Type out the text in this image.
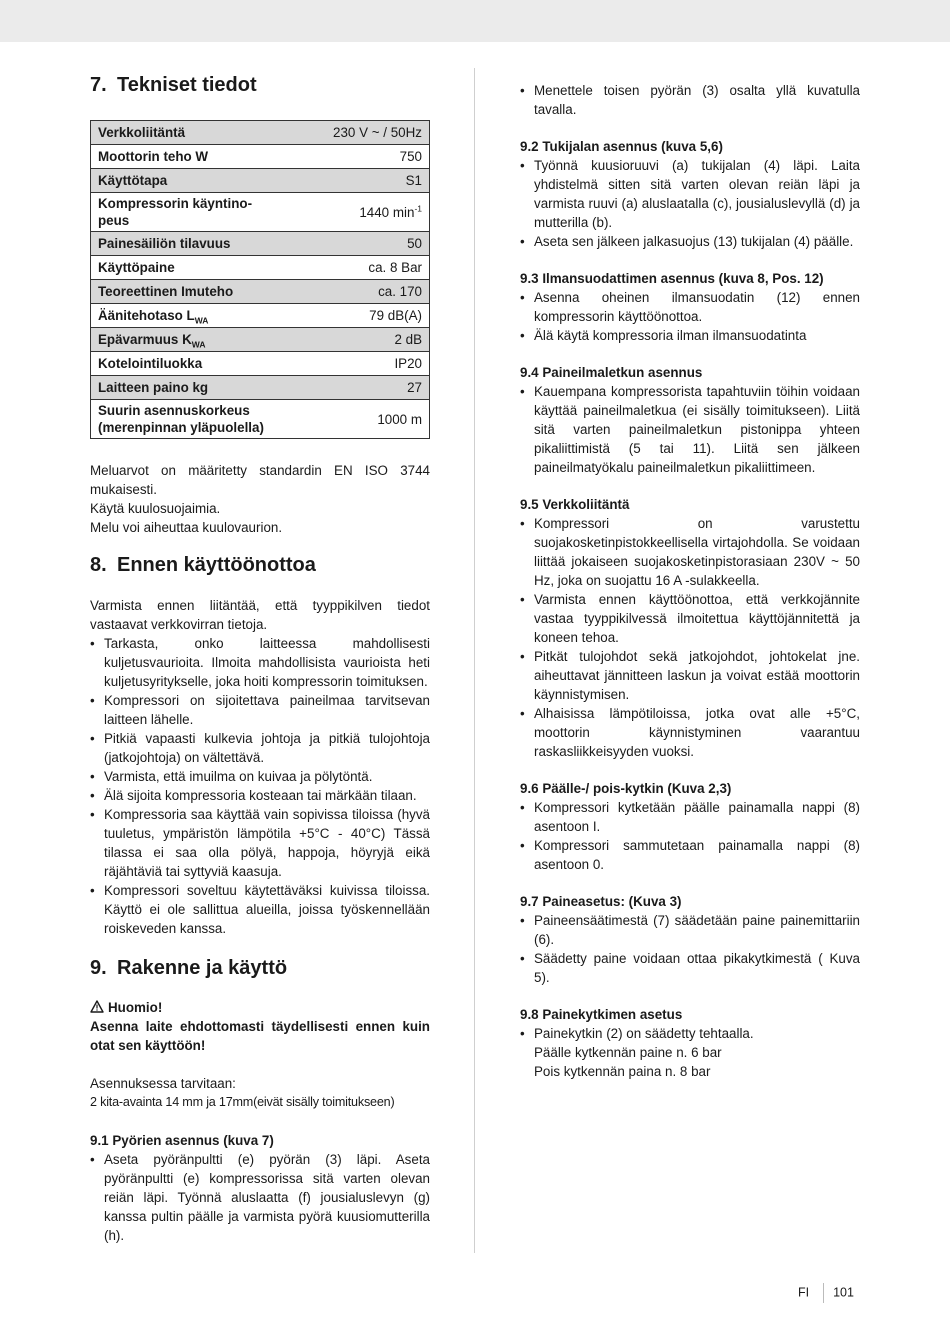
7. Tekniset tiedot
Verkkoliitäntä	230 V ~ / 50Hz
Moottorin teho W	750
Käyttötapa	S1
Kompressorin käyntinopeus	1440 $\min^{-1}$
Painesäiliön tilavuus	50
Käyttöpaine	ca. 8 Bar
Teoreettinen Imuteho	ca. 170
Äänitehotaso $L_{WA}$	79 dB(A)
Epävarmuus $K_{WA}$	2 dB
Kotelointiluokka	IP20
Laitteen paino kg	27
Suurin asennuskorkeus (merenpinnan yläpuolella)	1000 m

Meluarvot on määritetty standardin EN ISO 3744 mukaisesti.

Käytä kuulosuojaimia.

Melu voi aiheuttaa kuulovaurion.

8. Ennen käyttöönottoa

Varmista ennen liitäntää, että tyyppikilven tiedot vastaavat verkkovirran tietoja.

• Tarkasta, onko laitteessa mahdollisesti kuljetusvaurioita. Ilmoita mahdollisista vaurioista heti kuljetusyritykselle, joka hoiti kompressorin toimituksen.
• Kompressori on sijoitettava paineilmaa tarvitsevan laitteen lähelle.
• Pitkiä vapaasti kulkevia johtoja ja pitkiä tulojohtoja (jatkojohtoja) on vältettävä.
• Varmista, että imuilma on kuivaa ja pölytöntä.
• Älä sijoita kompressoria kosteaan tai märkään tilaan.
• Kompressoria saa käyttää vain sopivissa tiloissa (hyvä tuuletus, ympäristön lämpötila +5°C - 40°C) Tässä tilassa ei saa olla pölyä, happoja, höyryjä eikä räjähtäviä tai syttyviä kaasuja.
• Kompressori soveltuu käytettäväksi kuivissa tiloissa. Käyttö ei ole sallittua alueilla, joissa työskennellään roiskeveden kanssa.
9. Rakenne ja käyttö

Huomio!

Asenna laite ehdottomasti täydellisesti ennen kuin otat sen käyttöön!

Asennuksessa tarvitaan:

2 kita-avainta 14 mm ja 17mm(eivät sisälly toimitukseen)

9.1 Pyörien asennus (kuva 7)

• Aseta pyöränpultti (e) pyörän (3) läpi. Aseta pyöränpultti (e) kompressorissa sitä varten olevan reiän läpi. Työnnä aluslaatta (f) jousialuslevyn (g) kanssa pultin päälle ja varmista pyörä kuusiomutterilla (h).
• Menettele toisen pyörän (3) osalta yllä kuvatulla tavalla.

9.2 Tukijalan asennus (kuva 5,6)

• Työnnä kuusioruuvi (a) tukijalan (4) läpi. Laita yhdistelmä sitten sitä varten olevan reiän läpi ja varmista ruuvi (a) aluslaatalla (c), jousialuslevyllä (d) ja mutterilla (b).
• Aseta sen jälkeen jalkasuojus (13) tukijalan (4) päälle.

9.3 Ilmansuodattimen asennus (kuva 8, Pos. 12)

• Asenna oheinen ilmansuodatin (12) ennen kompressorin käyttöönottoa.
• Älä käytä kompressoria ilman ilmansuodatinta

9.4 Paineilmaletkun asennus

• Kauempana kompressorista tapahtuviin töihin voidaan käyttää paineilmaletkua (ei sisälly toimitukseen). Liitä sitä varten paineilmaletkun pistonippa yhteen pikaliittimistä (5 tai 11). Liitä sen jälkeen paineilmatyökalu paineilmaletkun pikaliittimeen.

9.5 Verkkoliitäntä

• Kompressori on varustettu suojakosketinpistokkeellisella virtajohdolla. Se voidaan liittää jokaiseen suojakosketinpistorasiaan 230V ~ 50 Hz, joka on suojattu 16 A -sulakkeella.
• Varmista ennen käyttöönottoa, että verkkojännite vastaa tyyppikilvessä ilmoitettua käyttöjännitettä ja koneen tehoa.
• Pitkät tulojohdot sekä jatkojohdot, johtokelat jne. aiheuttavat jännitteen laskun ja voivat estää moottorin käynnistymisen.
• Alhaisissa lämpötiloissa, jotka ovat alle +5°C, moottorin käynnistyminen vaarantuu raskasliikkeisyyden vuoksi.

9.6 Päälle-/ pois-kytkin (Kuva 2,3)

• Kompressori kytketään päälle painamalla nappi (8) asentoon I.
• Kompressori sammutetaan painamalla nappi (8) asentoon 0.

9.7 Paineasetus: (Kuva 3)

• Paineensäätimestä (7) säädetään paine painemittariin (6).
• Säädetty paine voidaan ottaa pikakytkimestä ( Kuva 5).

9.8 Painekytkimen asetus

• Painekytkin (2) on säädetty tehtaalla.

Päälle kytkennän paine n. 6 bar

Pois kytkennän paina n. 8 bar

FI 101
